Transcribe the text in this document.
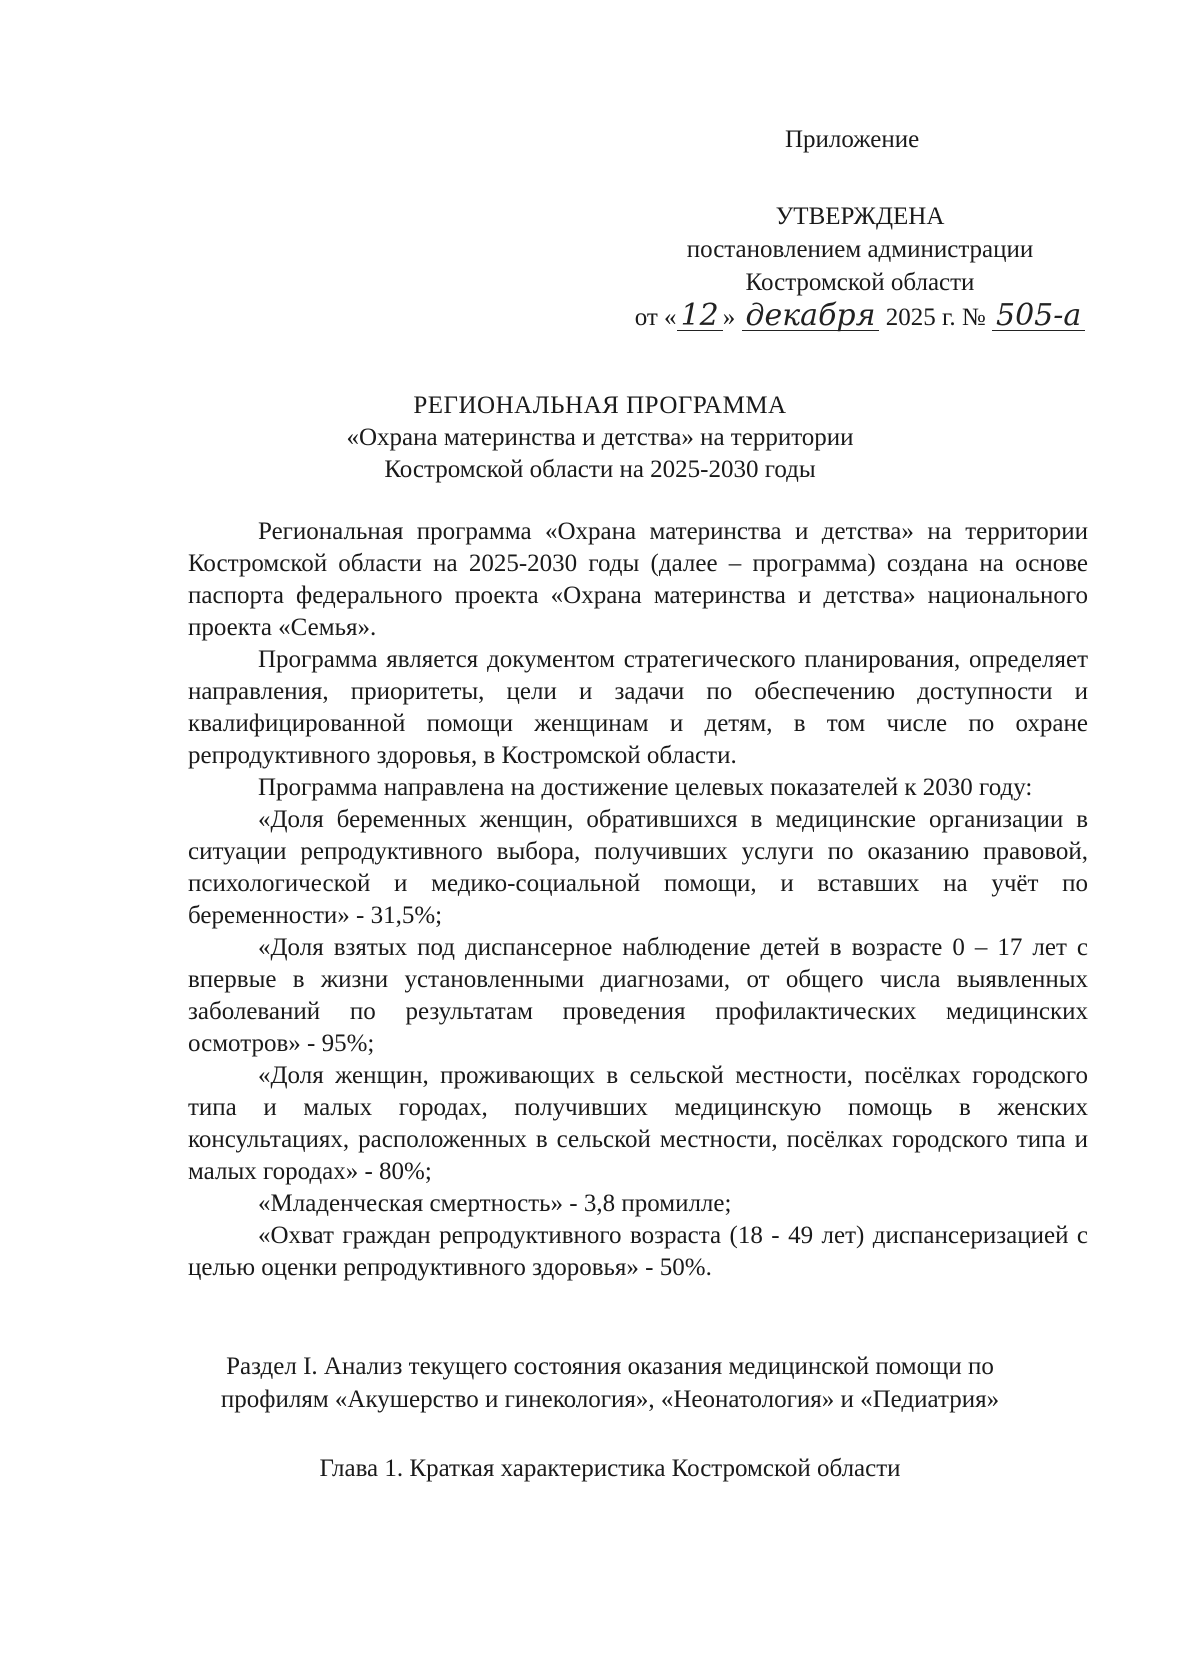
Приложение
УТВЕРЖДЕНА
постановлением администрации
Костромской области
от « 12 » декабря 2025 г. № 505-а
РЕГИОНАЛЬНАЯ ПРОГРАММА
«Охрана материнства и детства» на территории
Костромской области на 2025-2030 годы

Региональная программа «Охрана материнства и детства» на территории Костромской области на 2025-2030 годы (далее – программа) создана на основе паспорта федерального проекта «Охрана материнства и детства» национального проекта «Семья».

Программа является документом стратегического планирования, определяет направления, приоритеты, цели и задачи по обеспечению доступности и квалифицированной помощи женщинам и детям, в том числе по охране репродуктивного здоровья, в Костромской области.

Программа направлена на достижение целевых показателей к 2030 году:

«Доля беременных женщин, обратившихся в медицинские организации в ситуации репродуктивного выбора, получивших услуги по оказанию правовой, психологической и медико-социальной помощи, и вставших на учёт по беременности» - 31,5%;

«Доля взятых под диспансерное наблюдение детей в возрасте 0 – 17 лет с впервые в жизни установленными диагнозами, от общего числа выявленных заболеваний по результатам проведения профилактических медицинских осмотров» - 95%;

«Доля женщин, проживающих в сельской местности, посёлках городского типа и малых городах, получивших медицинскую помощь в женских консультациях, расположенных в сельской местности, посёлках городского типа и малых городах» - 80%;

«Младенческая смертность» - 3,8 промилле;

«Охват граждан репродуктивного возраста (18 - 49 лет) диспансеризацией с целью оценки репродуктивного здоровья» - 50%.

Раздел I. Анализ текущего состояния оказания медицинской помощи по
профилям «Акушерство и гинекология», «Неонатология» и «Педиатрия»
Глава 1. Краткая характеристика Костромской области
